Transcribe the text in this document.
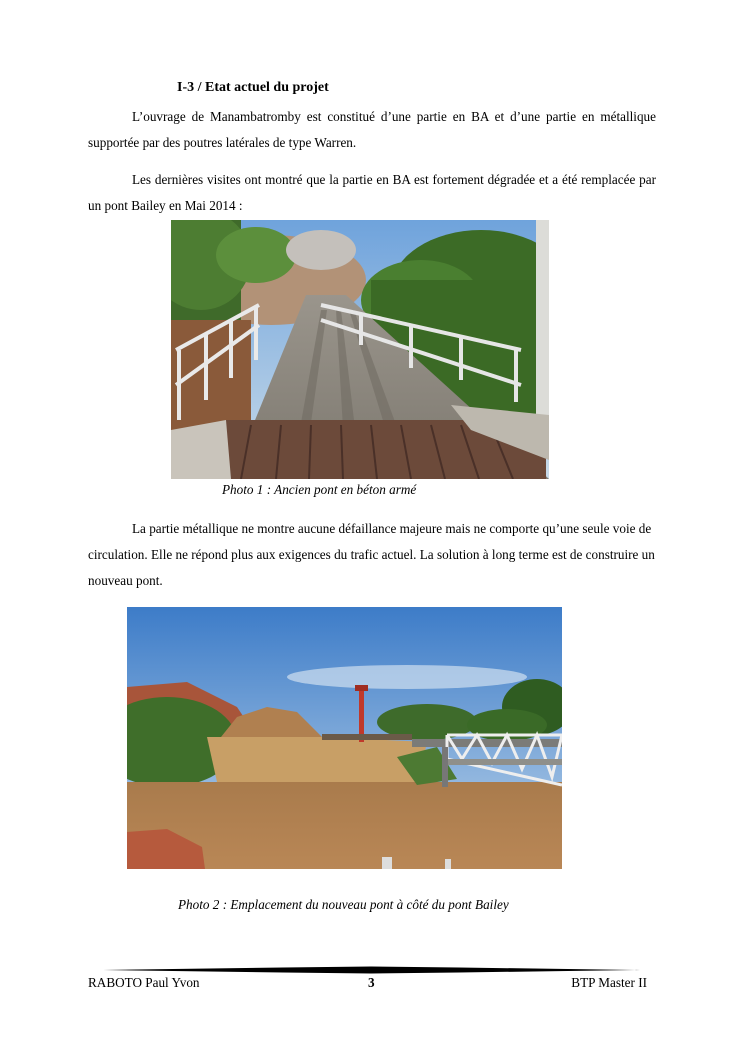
I-3 / Etat actuel du projet
L’ouvrage de Manambatromby est constitué d’une partie en BA et d’une partie en métallique supportée par des poutres latérales de type Warren.
Les dernières visites ont montré que la partie en BA est fortement dégradée et a été remplacée par un pont Bailey en Mai 2014 :
Photo 1 : Ancien pont en béton armé
La partie métallique ne montre aucune défaillance majeure mais ne comporte qu’une seule voie de circulation. Elle ne répond plus aux exigences du trafic actuel. La solution à long terme est de construire un nouveau pont.
Photo 2 : Emplacement du nouveau pont à côté du pont Bailey
RABOTO Paul Yvon	3	BTP Master II
